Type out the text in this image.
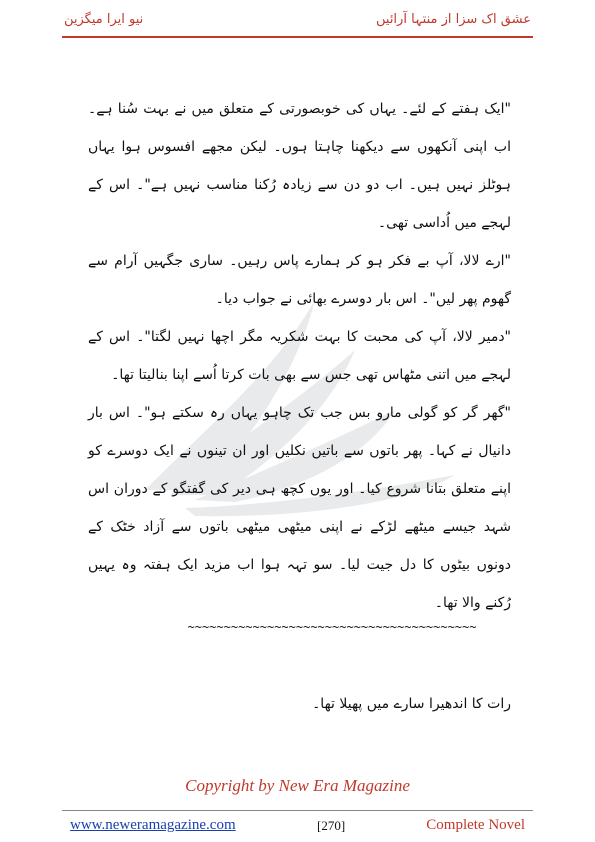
نیو ایرا میگزین	عشق اک سزا از منتہا آرائیں

"ایک ہفتے کے لئے۔ یہاں کی خوبصورتی کے متعلق میں نے بہت سُنا ہے۔ اب اپنی آنکھوں سے دیکھنا چاہتا ہوں۔ لیکن مجھے افسوس ہوا یہاں ہوٹلز نہیں ہیں۔ اب دو دن سے زیادہ رُکنا مناسب نہیں ہے"۔ اس کے لہجے میں اُداسی تھی۔

"ارے لالا، آپ بے فکر ہو کر ہمارے پاس رہیں۔ ساری جگہیں آرام سے گھوم پھر لیں"۔ اس بار دوسرے بھائی نے جواب دیا۔

"دمیر لالا، آپ کی محبت کا بہت شکریہ مگر اچھا نہیں لگتا"۔ اس کے لہجے میں اتنی مٹھاس تھی جس سے بھی بات کرتا اُسے اپنا بنالیتا تھا۔

"گھر گر کو گولی مارو بس جب تک چاہو یہاں رہ سکتے ہو"۔ اس بار دانیال نے کہا۔ پھر باتوں سے باتیں نکلیں اور ان تینوں نے ایک دوسرے کو اپنے متعلق بتانا شروع کیا۔ اور یوں کچھ ہی دیر کی گفتگو کے دوران اس شہد جیسے میٹھے لڑکے نے اپنی میٹھی میٹھی باتوں سے آزاد خٹک کے دونوں بیٹوں کا دل جیت لیا۔ سو تہہ ہوا اب مزید ایک ہفتہ وہ یہیں رُکنے والا تھا۔

~~~~~~~~~~~~~~~~~~~~~~~~~~~~~~~~~~~~~~~~
رات کا اندھیرا سارے میں پھیلا تھا۔
Copyright by New Era Magazine
www.neweramagazine.com	[270]	Complete Novel
